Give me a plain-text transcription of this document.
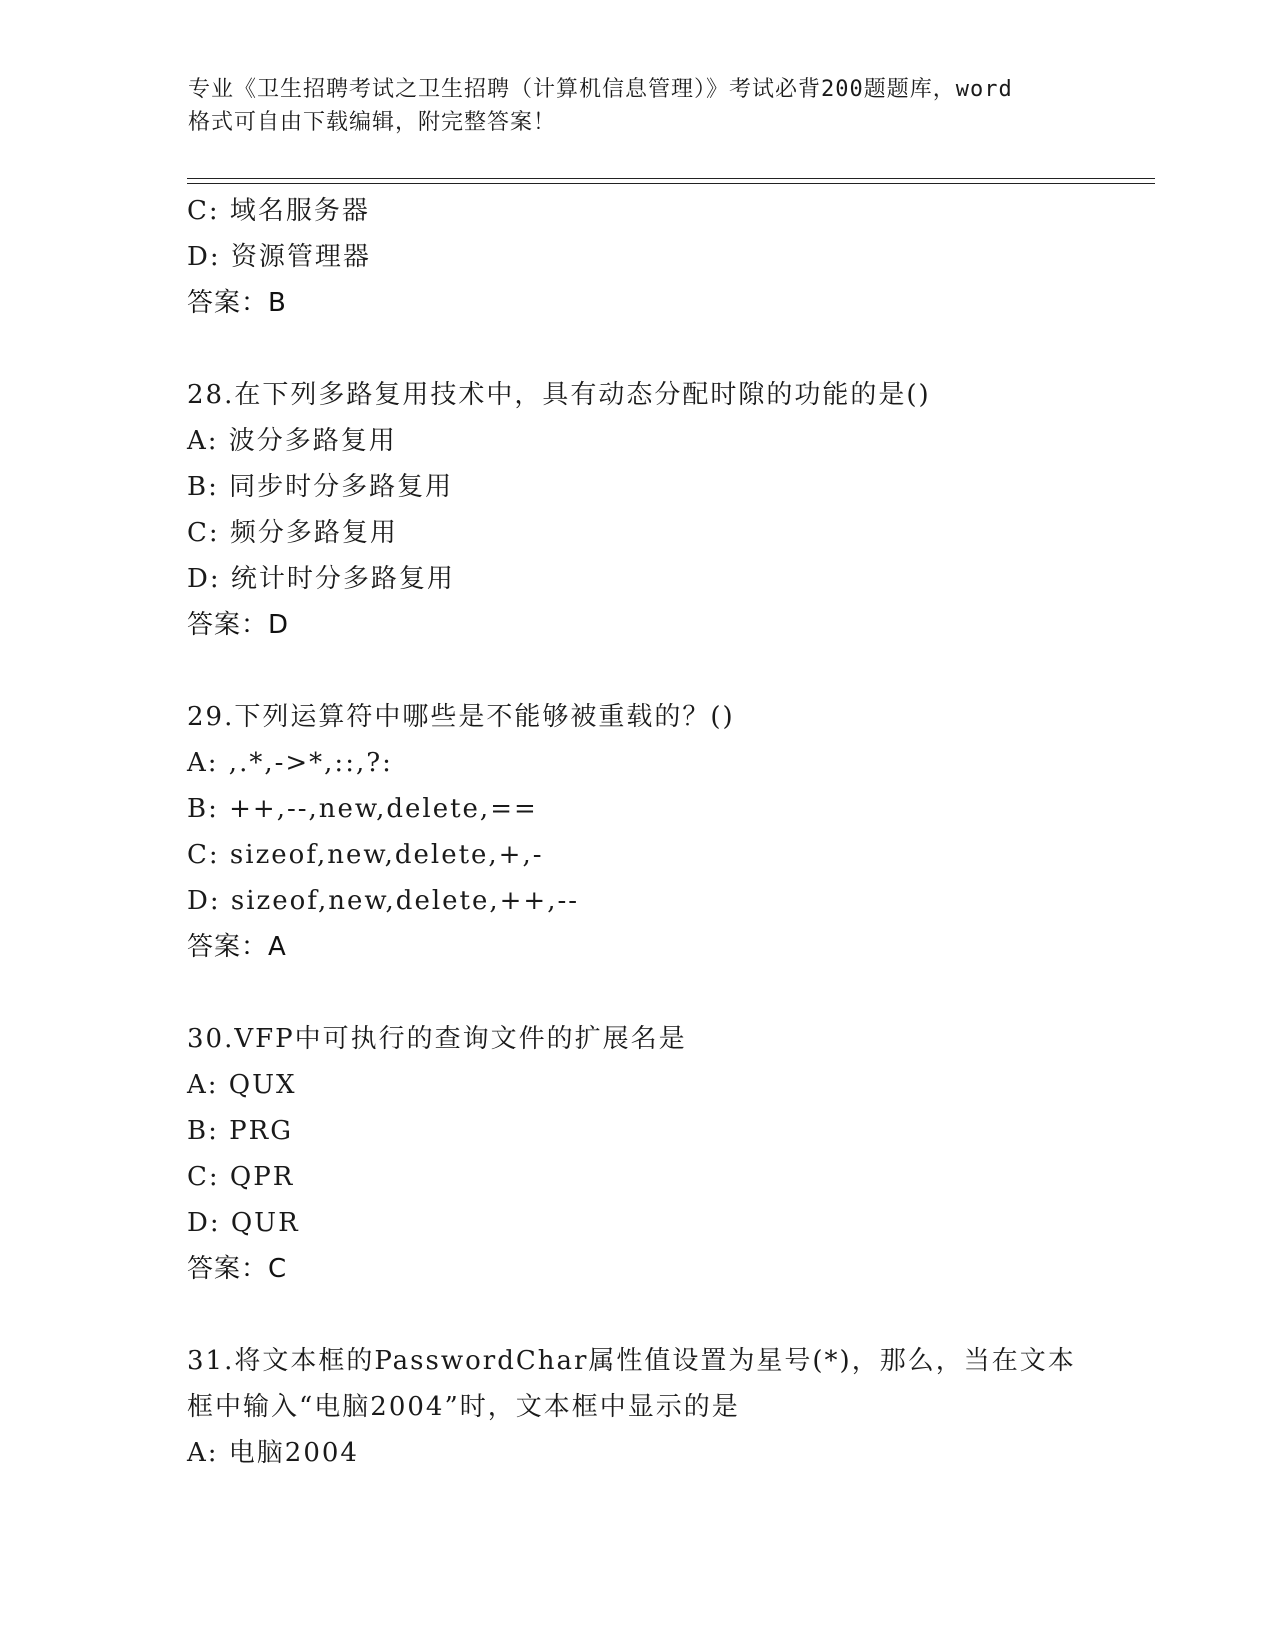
专业《卫生招聘考试之卫生招聘（计算机信息管理）》考试必背200题题库，word
格式可自由下载编辑，附完整答案！
C: 域名服务器
D: 资源管理器
答案：B
28.在下列多路复用技术中，具有动态分配时隙的功能的是()
A: 波分多路复用
B: 同步时分多路复用
C: 频分多路复用
D: 统计时分多路复用
答案：D
29.下列运算符中哪些是不能够被重载的？()
A: ,.*,->*,::,?:
B: ++,--,new,delete,==
C: sizeof,new,delete,+,-
D: sizeof,new,delete,++,--
答案：A
30.VFP中可执行的查询文件的扩展名是
A: QUX
B: PRG
C: QPR
D: QUR
答案：C
31.将文本框的PasswordChar属性值设置为星号(*)，那么，当在文本
框中输入“电脑2004”时，文本框中显示的是
A: 电脑2004
